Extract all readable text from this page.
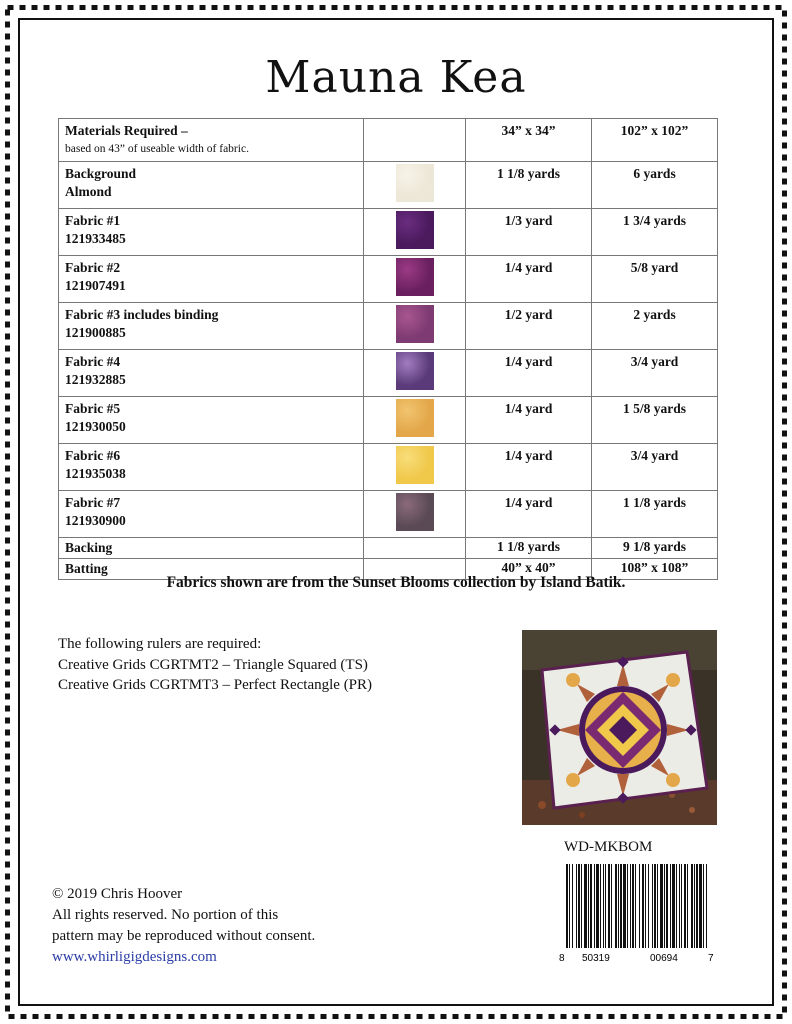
Mauna Kea
Materials Required –
based on 43” of useable width of fabric.		34” x 34”	102” x 102”

Background
Almond		1 1/8 yards	6 yards

Fabric #1
121933485		1/3 yard	1 3/4 yards

Fabric #2
121907491		1/4 yard	5/8 yard

Fabric #3 includes binding
121900885		1/2 yard	2 yards

Fabric #4
121932885		1/4 yard	3/4 yard

Fabric #5
121930050		1/4 yard	1 5/8 yards

Fabric #6
121935038		1/4 yard	3/4 yard

Fabric #7
121930900		1/4 yard	1 1/8 yards
Backing		1 1/8 yards	9 1/8 yards
Batting		40” x 40”	108” x 108”
Fabrics shown are from the Sunset Blooms collection by Island Batik.
The following rulers are required:
Creative Grids CGRTMT2 – Triangle Squared (TS)
Creative Grids CGRTMT3 – Perfect Rectangle (PR)
WD-MKBOM
8 50319	00694	7
© 2019 Chris Hoover
All rights reserved. No portion of this
pattern may be reproduced without consent.
www.whirligigdesigns.com
